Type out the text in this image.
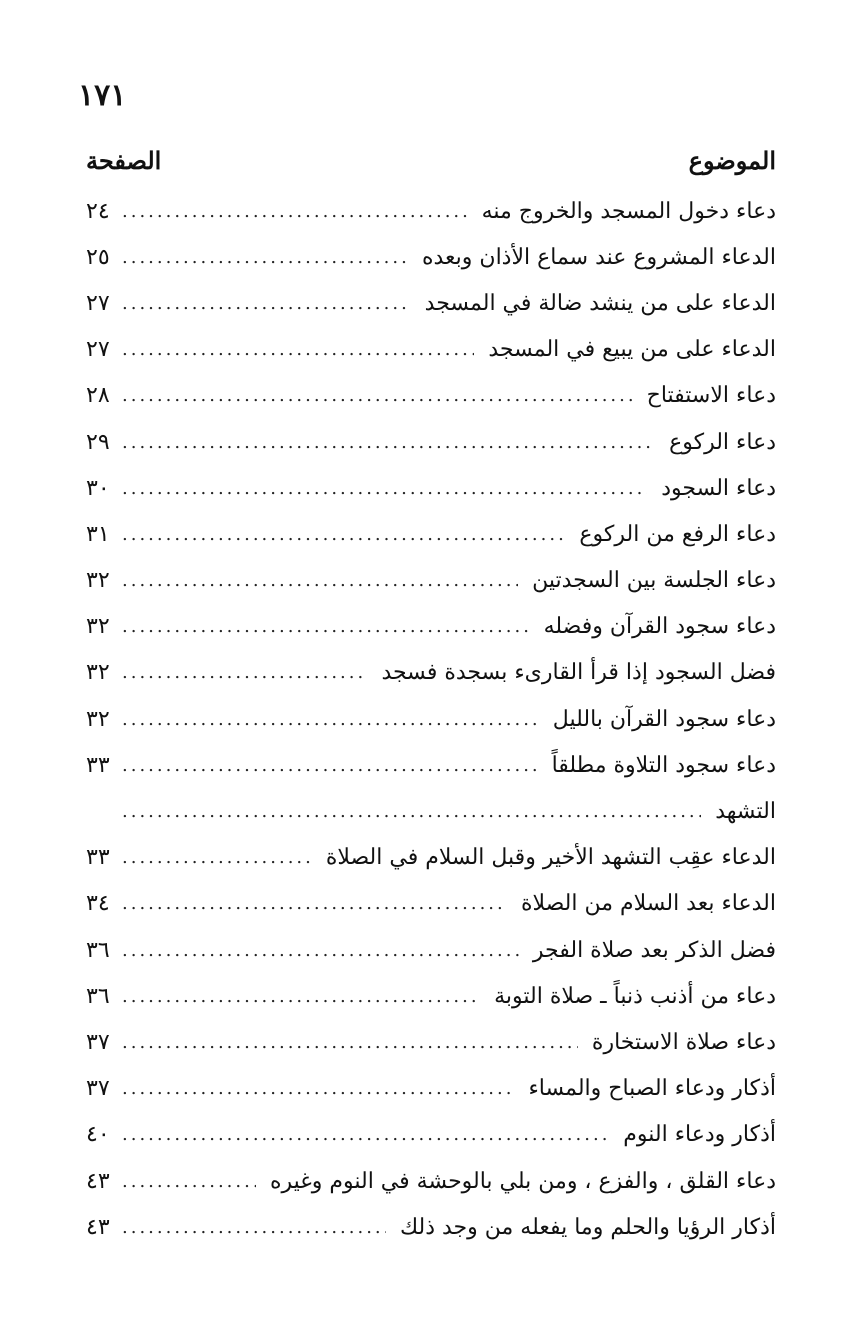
١٧١
الصفحة	الموضوع
دعاء دخول المسجد والخروج منه
.....
٢٤
الدعاء المشروع عند سماع الأذان وبعده
.....
٢٥
الدعاء على من ينشد ضالة في المسجد
.....
٢٧
الدعاء على من يبيع في المسجد
.....
٢٧
دعاء الاستفتاح
.....
٢٨
دعاء الركوع
.....
٢٩
دعاء السجود
.....
٣٠
دعاء الرفع من الركوع
.....
٣١
دعاء الجلسة بين السجدتين
.....
٣٢
دعاء سجود القرآن وفضله
.....
٣٢
فضل السجود إذا قرأ القارىء بسجدة فسجد
.....
٣٢
دعاء سجود القرآن بالليل
.....
٣٢
دعاء سجود التلاوة مطلقاً
.....
٣٣
التشهد
.....
الدعاء عقِب التشهد الأخير وقبل السلام في الصلاة
.....
٣٣
الدعاء بعد السلام من الصلاة
.....
٣٤
فضل الذكر بعد صلاة الفجر
.....
٣٦
دعاء من أذنب ذنباً ـ صلاة التوبة
.....
٣٦
دعاء صلاة الاستخارة
.....
٣٧
أذكار ودعاء الصباح والمساء
.....
٣٧
أذكار ودعاء النوم
.....
٤٠
دعاء القلق ، والفزع ، ومن بلي بالوحشة في النوم وغيره
.....
٤٣
أذكار الرؤيا والحلم وما يفعله من وجد ذلك
.....
٤٣
